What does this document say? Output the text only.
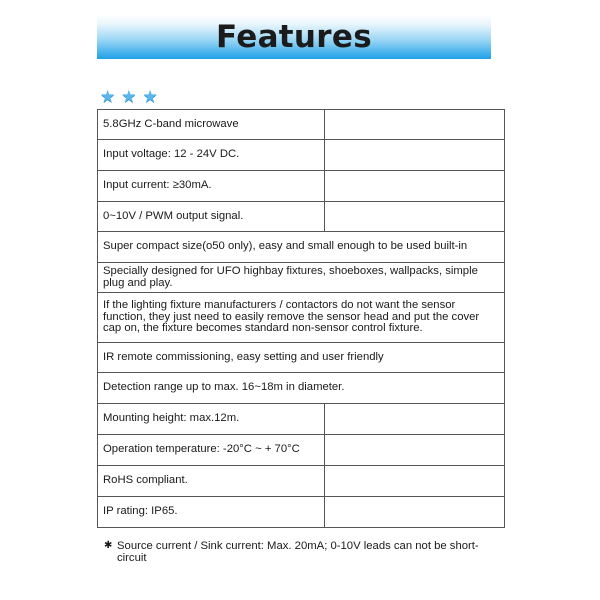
Features
★ ★ ★
5.8GHz C-band microwave	
Input voltage: 12 - 24V DC.	
Input current: ≥30mA.	
0~10V / PWM output signal.	
Super compact size(o50 only), easy and small enough to be used built-in	
Specially designed for UFO highbay fixtures, shoeboxes, wallpacks, simple plug and play.	
If the lighting fixture manufacturers / contactors do not want the sensor function, they just need to easily remove the sensor head and put the cover cap on, the fixture becomes standard non-sensor control fixture.	
IR remote commissioning, easy setting and user friendly	
Detection range up to max. 16~18m in diameter.	
Mounting height: max.12m.	
Operation temperature: -20°C ~ + 70°C	
RoHS compliant.	
IP rating: IP65.	
✱ Source current / Sink current: Max. 20mA; 0-10V leads can not be short-circuit
